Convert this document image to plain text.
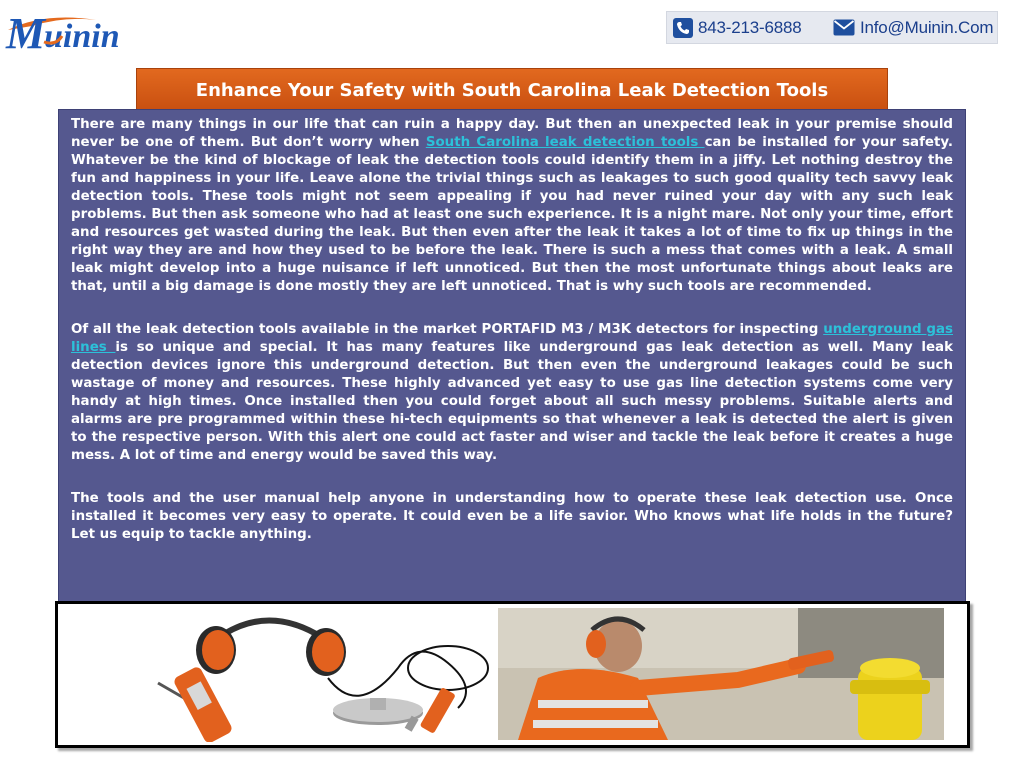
M
uinin	843-213-6888	Info@Muinin.Com
Enhance Your Safety with South Carolina Leak Detection Tools

There are many things in our life that can ruin a happy day. But then an unexpected leak in your premise should never be one of them. But don’t worry when South Carolina leak detection tools can be installed for your safety. Whatever be the kind of blockage of leak the detection tools could identify them in a jiffy. Let nothing destroy the fun and happiness in your life. Leave alone the trivial things such as leakages to such good quality tech savvy leak detection tools. These tools might not seem appealing if you had never ruined your day with any such leak problems. But then ask someone who had at least one such experience. It is a night mare. Not only your time, effort and resources get wasted during the leak. But then even after the leak it takes a lot of time to fix up things in the right way they are and how they used to be before the leak. There is such a mess that comes with a leak. A small leak might develop into a huge nuisance if left unnoticed. But then the most unfortunate things about leaks are that, until a big damage is done mostly they are left unnoticed. That is why such tools are recommended.

Of all the leak detection tools available in the market PORTAFID M3 / M3K detectors for inspecting underground gas lines is so unique and special. It has many features like underground gas leak detection as well. Many leak detection devices ignore this underground detection. But then even the underground leakages could be such wastage of money and resources. These highly advanced yet easy to use gas line detection systems come very handy at high times. Once installed then you could forget about all such messy problems. Suitable alerts and alarms are pre programmed within these hi-tech equipments so that whenever a leak is detected the alert is given to the respective person. With this alert one could act faster and wiser and tackle the leak before it creates a huge mess. A lot of time and energy would be saved this way.

The tools and the user manual help anyone in understanding how to operate these leak detection use. Once installed it becomes very easy to operate. It could even be a life savior. Who knows what life holds in the future? Let us equip to tackle anything.
